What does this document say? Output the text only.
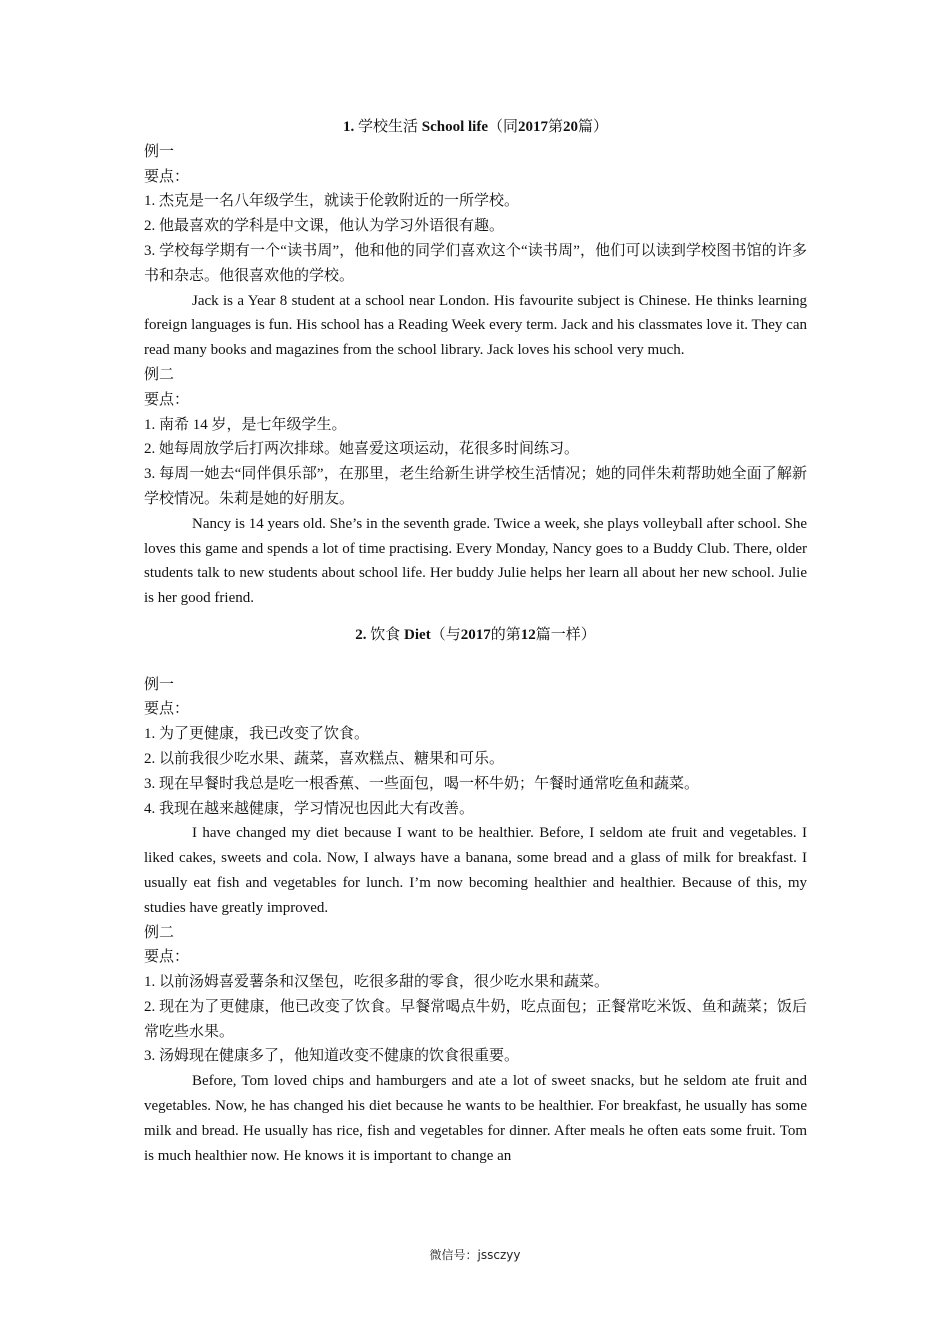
1. 学校生活 School life（同2017第20篇）
例一
要点：
1. 杰克是一名八年级学生，就读于伦敦附近的一所学校。
2. 他最喜欢的学科是中文课，他认为学习外语很有趣。
3. 学校每学期有一个“读书周”，他和他的同学们喜欢这个“读书周”，他们可以读到学校图书馆的许多书和杂志。他很喜欢他的学校。
Jack is a Year 8 student at a school near London. His favourite subject is Chinese. He thinks learning foreign languages is fun. His school has a Reading Week every term. Jack and his classmates love it. They can read many books and magazines from the school library. Jack loves his school very much.
例二
要点：
1. 南希 14 岁，是七年级学生。
2. 她每周放学后打两次排球。她喜爱这项运动，花很多时间练习。
3. 每周一她去“同伴俱乐部”，在那里，老生给新生讲学校生活情况；她的同伴朱莉帮助她全面了解新学校情况。朱莉是她的好朋友。
Nancy is 14 years old. She’s in the seventh grade. Twice a week, she plays volleyball after school. She loves this game and spends a lot of time practising. Every Monday, Nancy goes to a Buddy Club. There, older students talk to new students about school life. Her buddy Julie helps her learn all about her new school. Julie is her good friend.
2. 饮食 Diet（与2017的第12篇一样）
例一
要点：
1. 为了更健康，我已改变了饮食。
2. 以前我很少吃水果、蔬菜，喜欢糕点、糖果和可乐。
3. 现在早餐时我总是吃一根香蕉、一些面包，喝一杯牛奶；午餐时通常吃鱼和蔬菜。
4. 我现在越来越健康，学习情况也因此大有改善。
I have changed my diet because I want to be healthier. Before, I seldom ate fruit and vegetables. I liked cakes, sweets and cola. Now, I always have a banana, some bread and a glass of milk for breakfast. I usually eat fish and vegetables for lunch. I’m now becoming healthier and healthier. Because of this, my studies have greatly improved.
例二
要点：
1. 以前汤姆喜爱薯条和汉堡包，吃很多甜的零食，很少吃水果和蔬菜。
2. 现在为了更健康，他已改变了饮食。早餐常喝点牛奶，吃点面包；正餐常吃米饭、鱼和蔬菜；饭后常吃些水果。
3. 汤姆现在健康多了，他知道改变不健康的饮食很重要。
Before, Tom loved chips and hamburgers and ate a lot of sweet snacks, but he seldom ate fruit and vegetables. Now, he has changed his diet because he wants to be healthier. For breakfast, he usually has some milk and bread. He usually has rice, fish and vegetables for dinner. After meals he often eats some fruit. Tom is much healthier now. He knows it is important to change an
微信号：jssczyy
